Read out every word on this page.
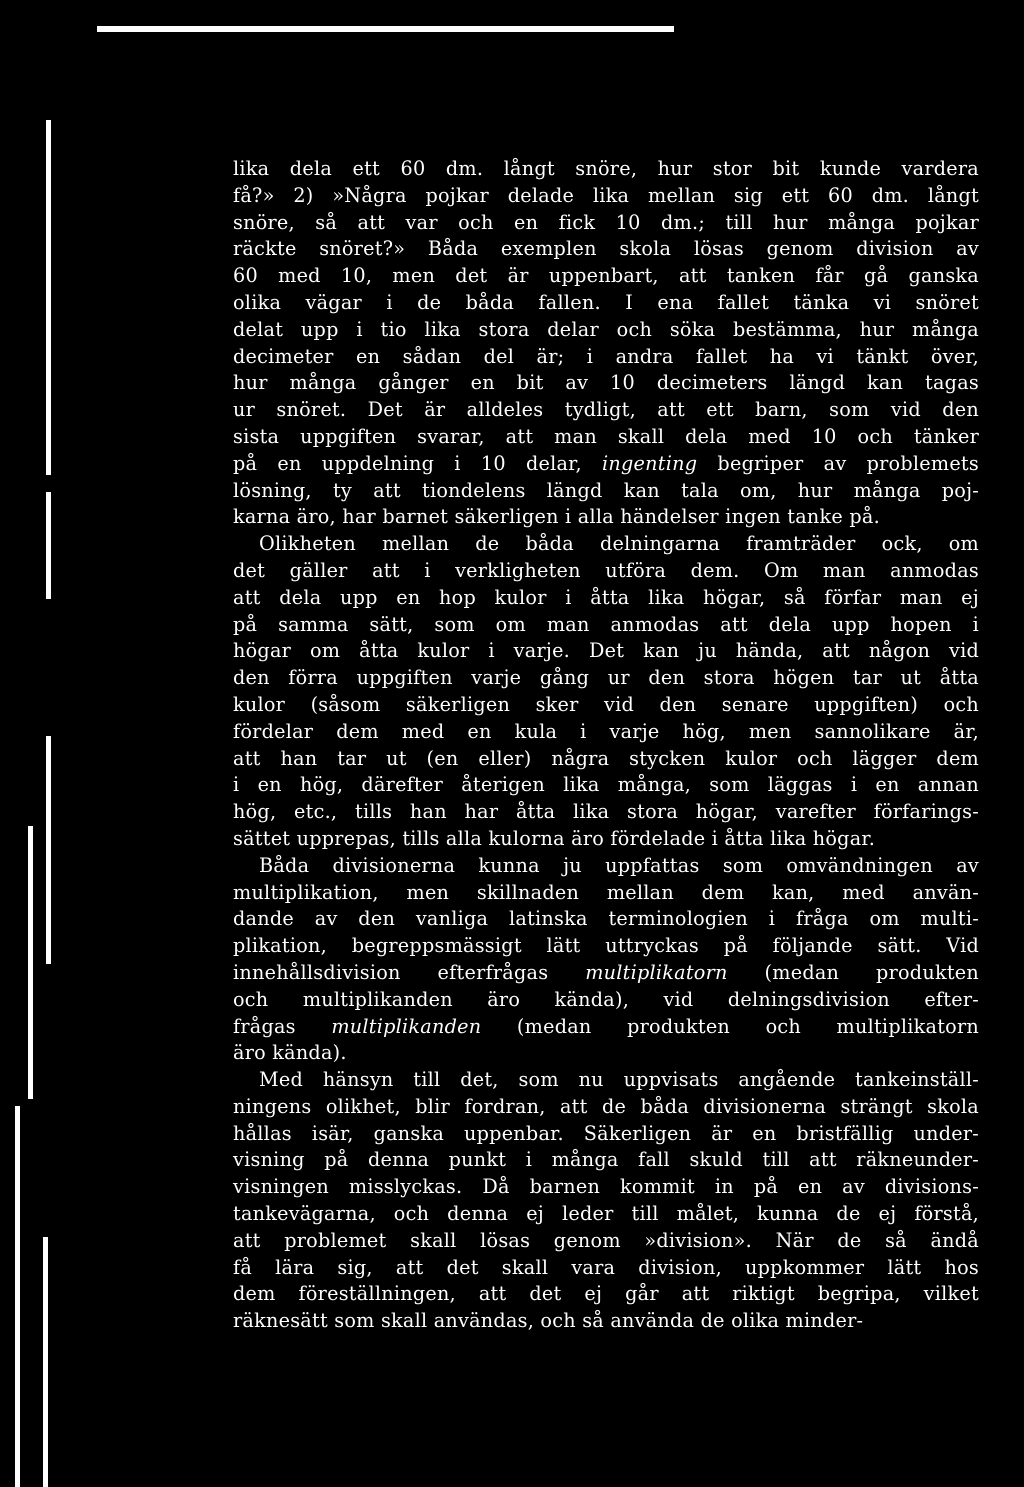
lika dela ett 60 dm. långt snöre, hur stor bit kunde vardera
få?» 2) »Några pojkar delade lika mellan sig ett 60 dm. långt
snöre, så att var och en fick 10 dm.; till hur många pojkar
räckte snöret?» Båda exemplen skola lösas genom division av
60 med 10, men det är uppenbart, att tanken får gå ganska
olika vägar i de båda fallen. I ena fallet tänka vi snöret
delat upp i tio lika stora delar och söka bestämma, hur många
decimeter en sådan del är; i andra fallet ha vi tänkt över,
hur många gånger en bit av 10 decimeters längd kan tagas
ur snöret. Det är alldeles tydligt, att ett barn, som vid den
sista uppgiften svarar, att man skall dela med 10 och tänker
på en uppdelning i 10 delar, ingenting begriper av problemets
lösning, ty att tiondelens längd kan tala om, hur många poj-
karna äro, har barnet säkerligen i alla händelser ingen tanke på.
Olikheten mellan de båda delningarna framträder ock, om
det gäller att i verkligheten utföra dem. Om man anmodas
att dela upp en hop kulor i åtta lika högar, så förfar man ej
på samma sätt, som om man anmodas att dela upp hopen i
högar om åtta kulor i varje. Det kan ju hända, att någon vid
den förra uppgiften varje gång ur den stora högen tar ut åtta
kulor (såsom säkerligen sker vid den senare uppgiften) och
fördelar dem med en kula i varje hög, men sannolikare är,
att han tar ut (en eller) några stycken kulor och lägger dem
i en hög, därefter återigen lika många, som läggas i en annan
hög, etc., tills han har åtta lika stora högar, varefter förfarings-
sättet upprepas, tills alla kulorna äro fördelade i åtta lika högar.
Båda divisionerna kunna ju uppfattas som omvändningen av
multiplikation, men skillnaden mellan dem kan, med använ-
dande av den vanliga latinska terminologien i fråga om multi-
plikation, begreppsmässigt lätt uttryckas på följande sätt. Vid
innehållsdivision efterfrågas multiplikatorn (medan produkten
och multiplikanden äro kända), vid delningsdivision efter-
frågas multiplikanden (medan produkten och multiplikatorn
äro kända).
Med hänsyn till det, som nu uppvisats angående tankeinställ-
ningens olikhet, blir fordran, att de båda divisionerna strängt skola
hållas isär, ganska uppenbar. Säkerligen är en bristfällig under-
visning på denna punkt i många fall skuld till att räkneunder-
visningen misslyckas. Då barnen kommit in på en av divisions-
tankevägarna, och denna ej leder till målet, kunna de ej förstå,
att problemet skall lösas genom »division». När de så ändå
få lära sig, att det skall vara division, uppkommer lätt hos
dem föreställningen, att det ej går att riktigt begripa, vilket
räknesätt som skall användas, och så använda de olika minder-
